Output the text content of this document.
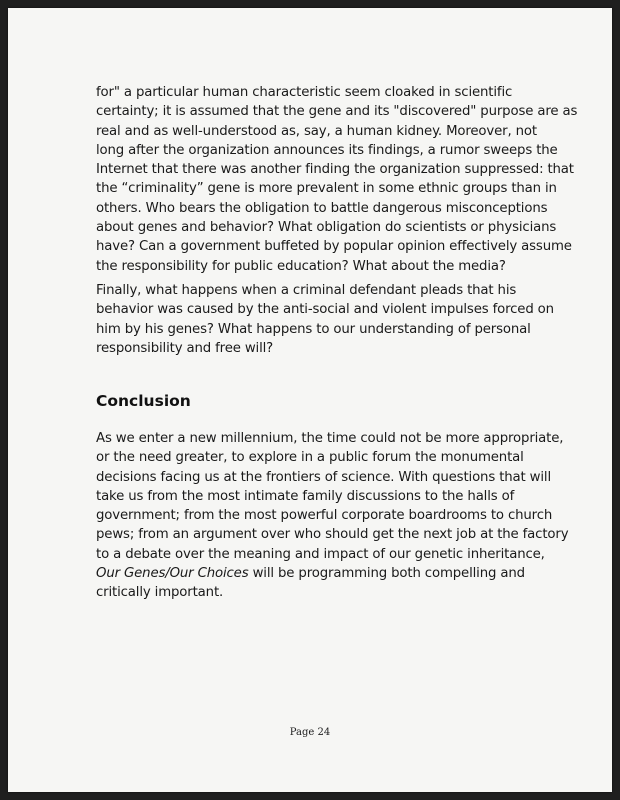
for" a particular human characteristic seem cloaked in scientific
certainty; it is assumed that the gene and its "discovered" purpose are as
real and as well-understood as, say, a human kidney. Moreover, not
long after the organization announces its findings, a rumor sweeps the
Internet that there was another finding the organization suppressed: that
the “criminality” gene is more prevalent in some ethnic groups than in
others. Who bears the obligation to battle dangerous misconceptions
about genes and behavior? What obligation do scientists or physicians
have? Can a government buffeted by popular opinion effectively assume
the responsibility for public education? What about the media?
Finally, what happens when a criminal defendant pleads that his
behavior was caused by the anti-social and violent impulses forced on
him by his genes? What happens to our understanding of personal
responsibility and free will?
Conclusion
As we enter a new millennium, the time could not be more appropriate,
or the need greater, to explore in a public forum the monumental
decisions facing us at the frontiers of science. With questions that will
take us from the most intimate family discussions to the halls of
government; from the most powerful corporate boardrooms to church
pews; from an argument over who should get the next job at the factory
to a debate over the meaning and impact of our genetic inheritance,
Our Genes/Our Choices will be programming both compelling and
critically important.
Page 24
